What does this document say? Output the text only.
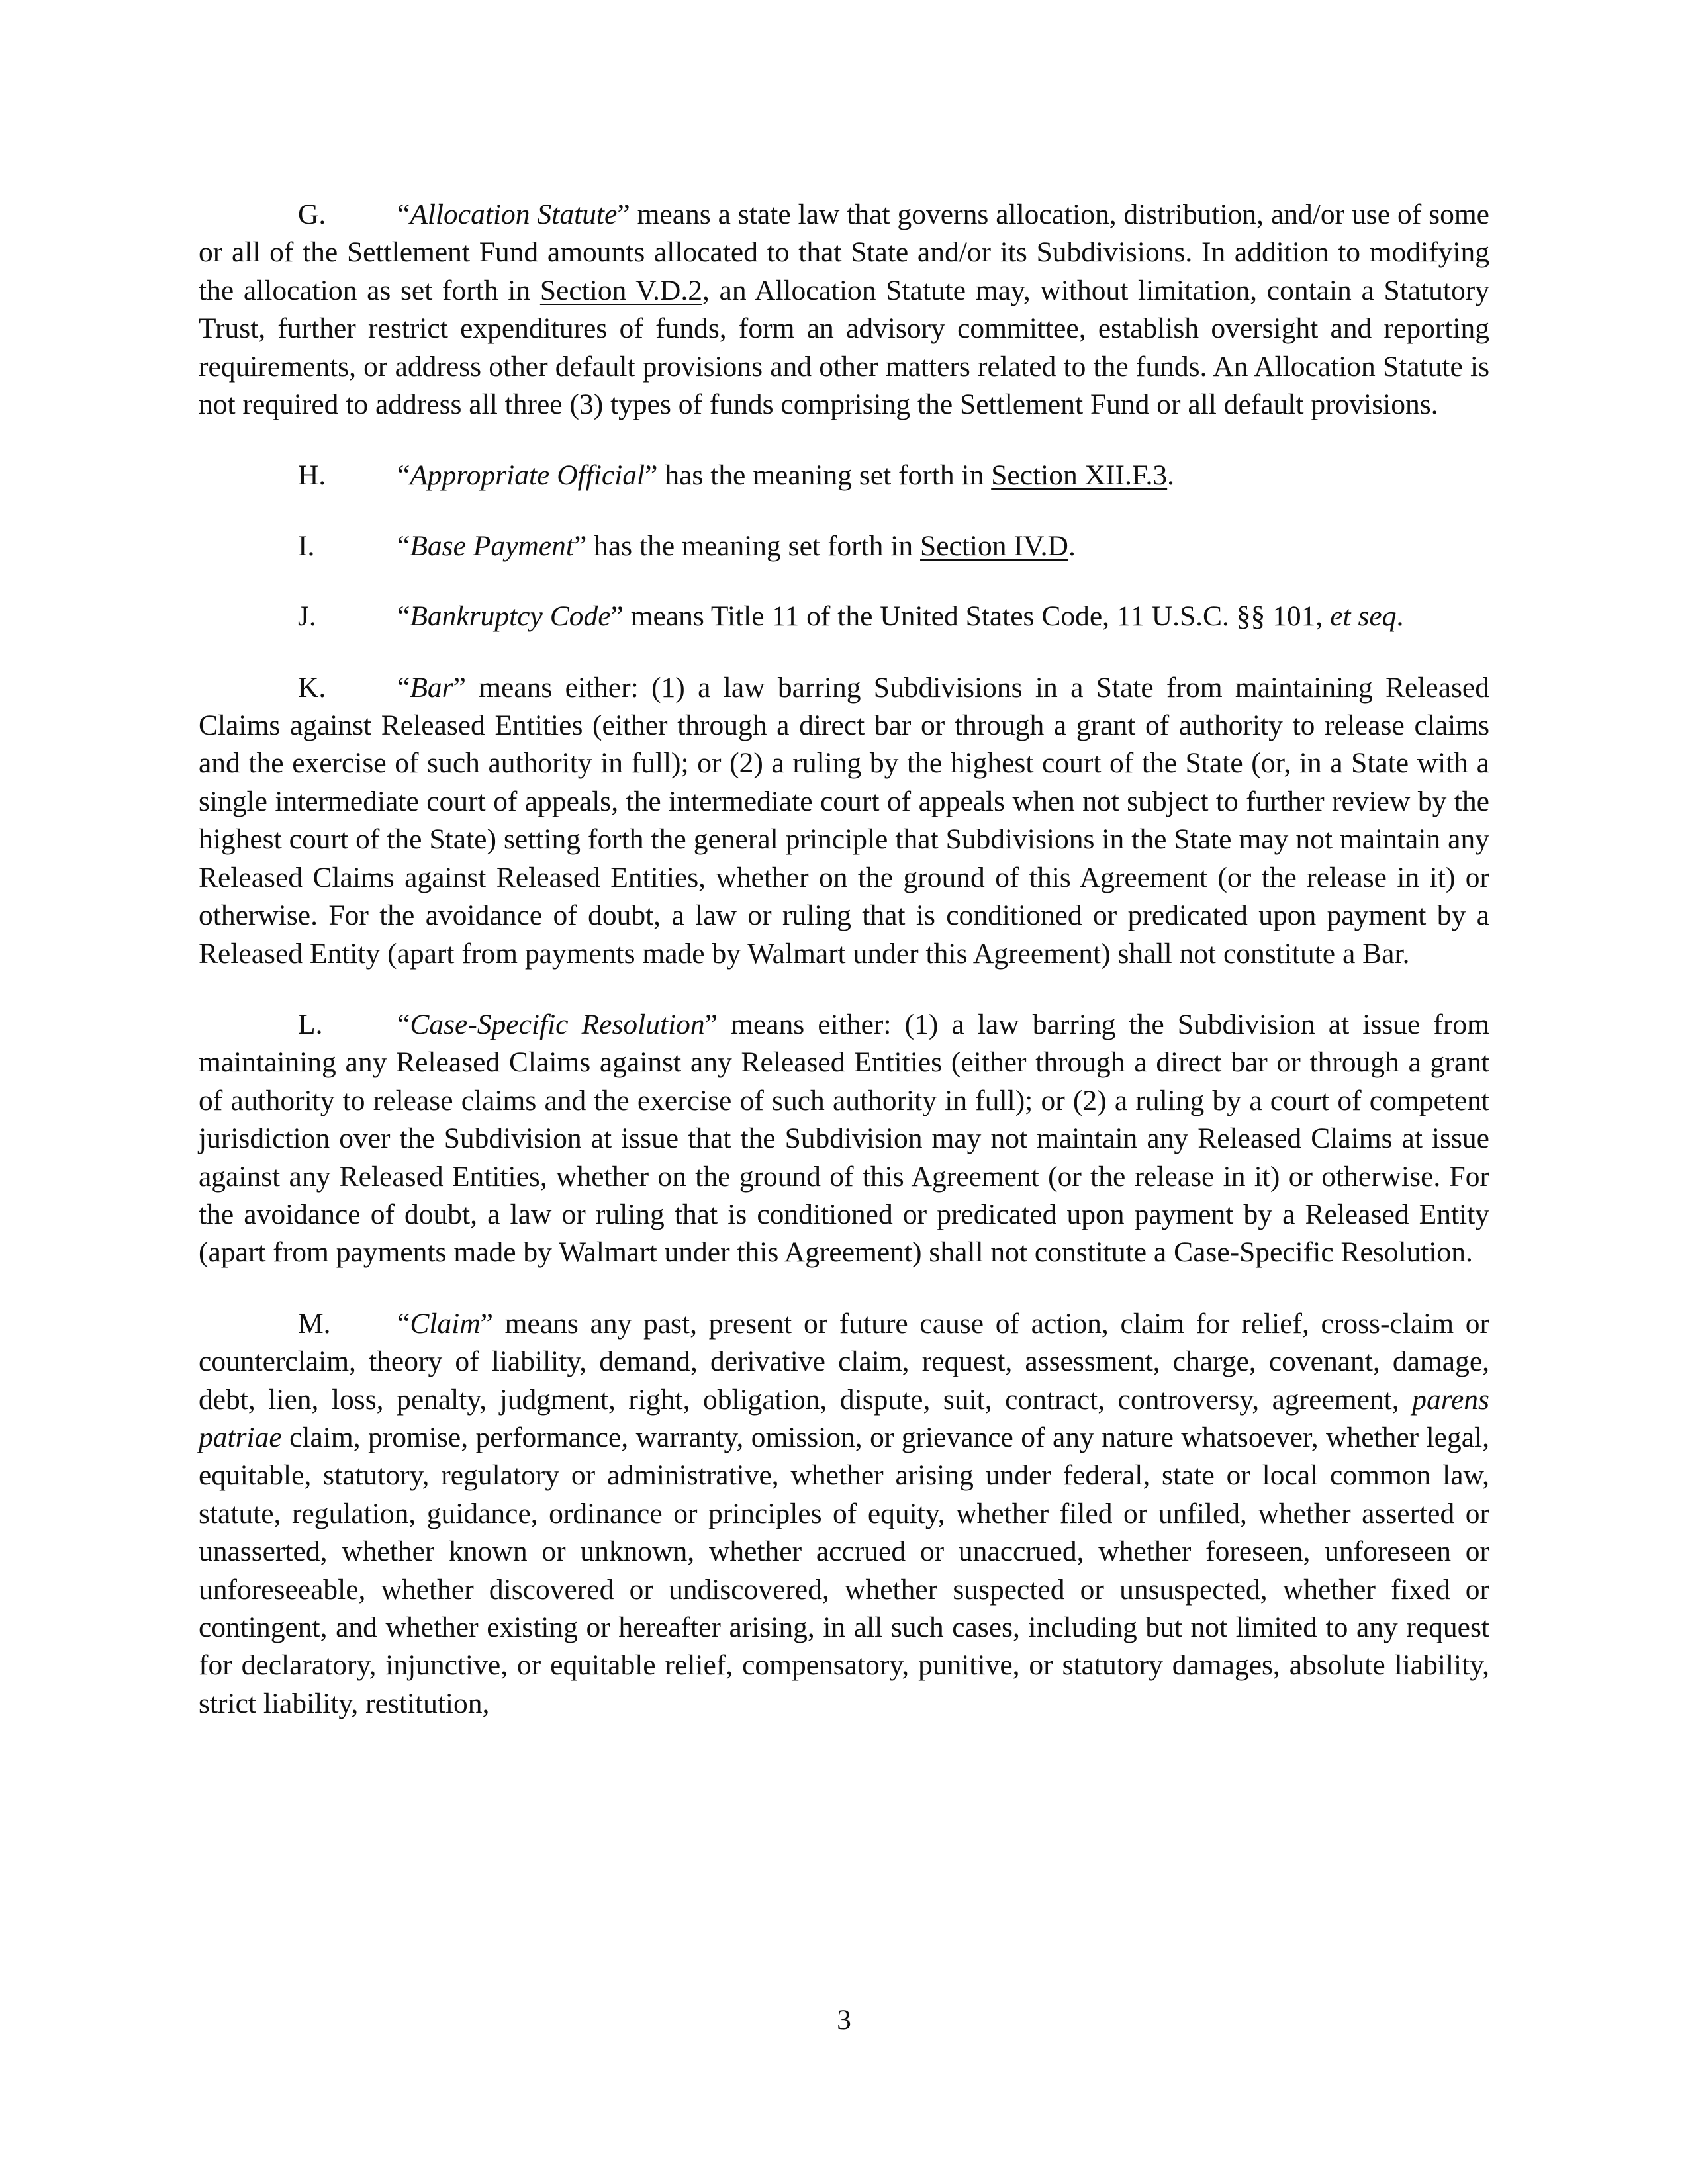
G. “Allocation Statute” means a state law that governs allocation, distribution, and/or use of some or all of the Settlement Fund amounts allocated to that State and/or its Subdivisions. In addition to modifying the allocation as set forth in Section V.D.2, an Allocation Statute may, without limitation, contain a Statutory Trust, further restrict expenditures of funds, form an advisory committee, establish oversight and reporting requirements, or address other default provisions and other matters related to the funds. An Allocation Statute is not required to address all three (3) types of funds comprising the Settlement Fund or all default provisions.

H. “Appropriate Official” has the meaning set forth in Section XII.F.3.

I.	“Base Payment” has the meaning set forth in Section IV.D.

J.	“Bankruptcy Code” means Title 11 of the United States Code, 11 U.S.C. §§ 101, et seq.

K. “Bar” means either: (1) a law barring Subdivisions in a State from maintaining Released Claims against Released Entities (either through a direct bar or through a grant of authority to release claims and the exercise of such authority in full); or (2) a ruling by the highest court of the State (or, in a State with a single intermediate court of appeals, the intermediate court of appeals when not subject to further review by the highest court of the State) setting forth the general principle that Subdivisions in the State may not maintain any Released Claims against Released Entities, whether on the ground of this Agreement (or the release in it) or otherwise. For the avoidance of doubt, a law or ruling that is conditioned or predicated upon payment by a Released Entity (apart from payments made by Walmart under this Agreement) shall not constitute a Bar.

L.	“Case-Specific Resolution” means either: (1) a law barring the Subdivision at issue from maintaining any Released Claims against any Released Entities (either through a direct bar or through a grant of authority to release claims and the exercise of such authority in full); or (2) a ruling by a court of competent jurisdiction over the Subdivision at issue that the Subdivision may not maintain any Released Claims at issue against any Released Entities, whether on the ground of this Agreement (or the release in it) or otherwise. For the avoidance of doubt, a law or ruling that is conditioned or predicated upon payment by a Released Entity (apart from payments made by Walmart under this Agreement) shall not constitute a Case-Specific Resolution.

M. “Claim” means any past, present or future cause of action, claim for relief, cross-claim or counterclaim, theory of liability, demand, derivative claim, request, assessment, charge, covenant, damage, debt, lien, loss, penalty, judgment, right, obligation, dispute, suit, contract, controversy, agreement, parens patriae claim, promise, performance, warranty, omission, or grievance of any nature whatsoever, whether legal, equitable, statutory, regulatory or administrative, whether arising under federal, state or local common law, statute, regulation, guidance, ordinance or principles of equity, whether filed or unfiled, whether asserted or unasserted, whether known or unknown, whether accrued or unaccrued, whether foreseen, unforeseen or unforeseeable, whether discovered or undiscovered, whether suspected or unsuspected, whether fixed or contingent, and whether existing or hereafter arising, in all such cases, including but not limited to any request for declaratory, injunctive, or equitable relief, compensatory, punitive, or statutory damages, absolute liability, strict liability, restitution,

3
